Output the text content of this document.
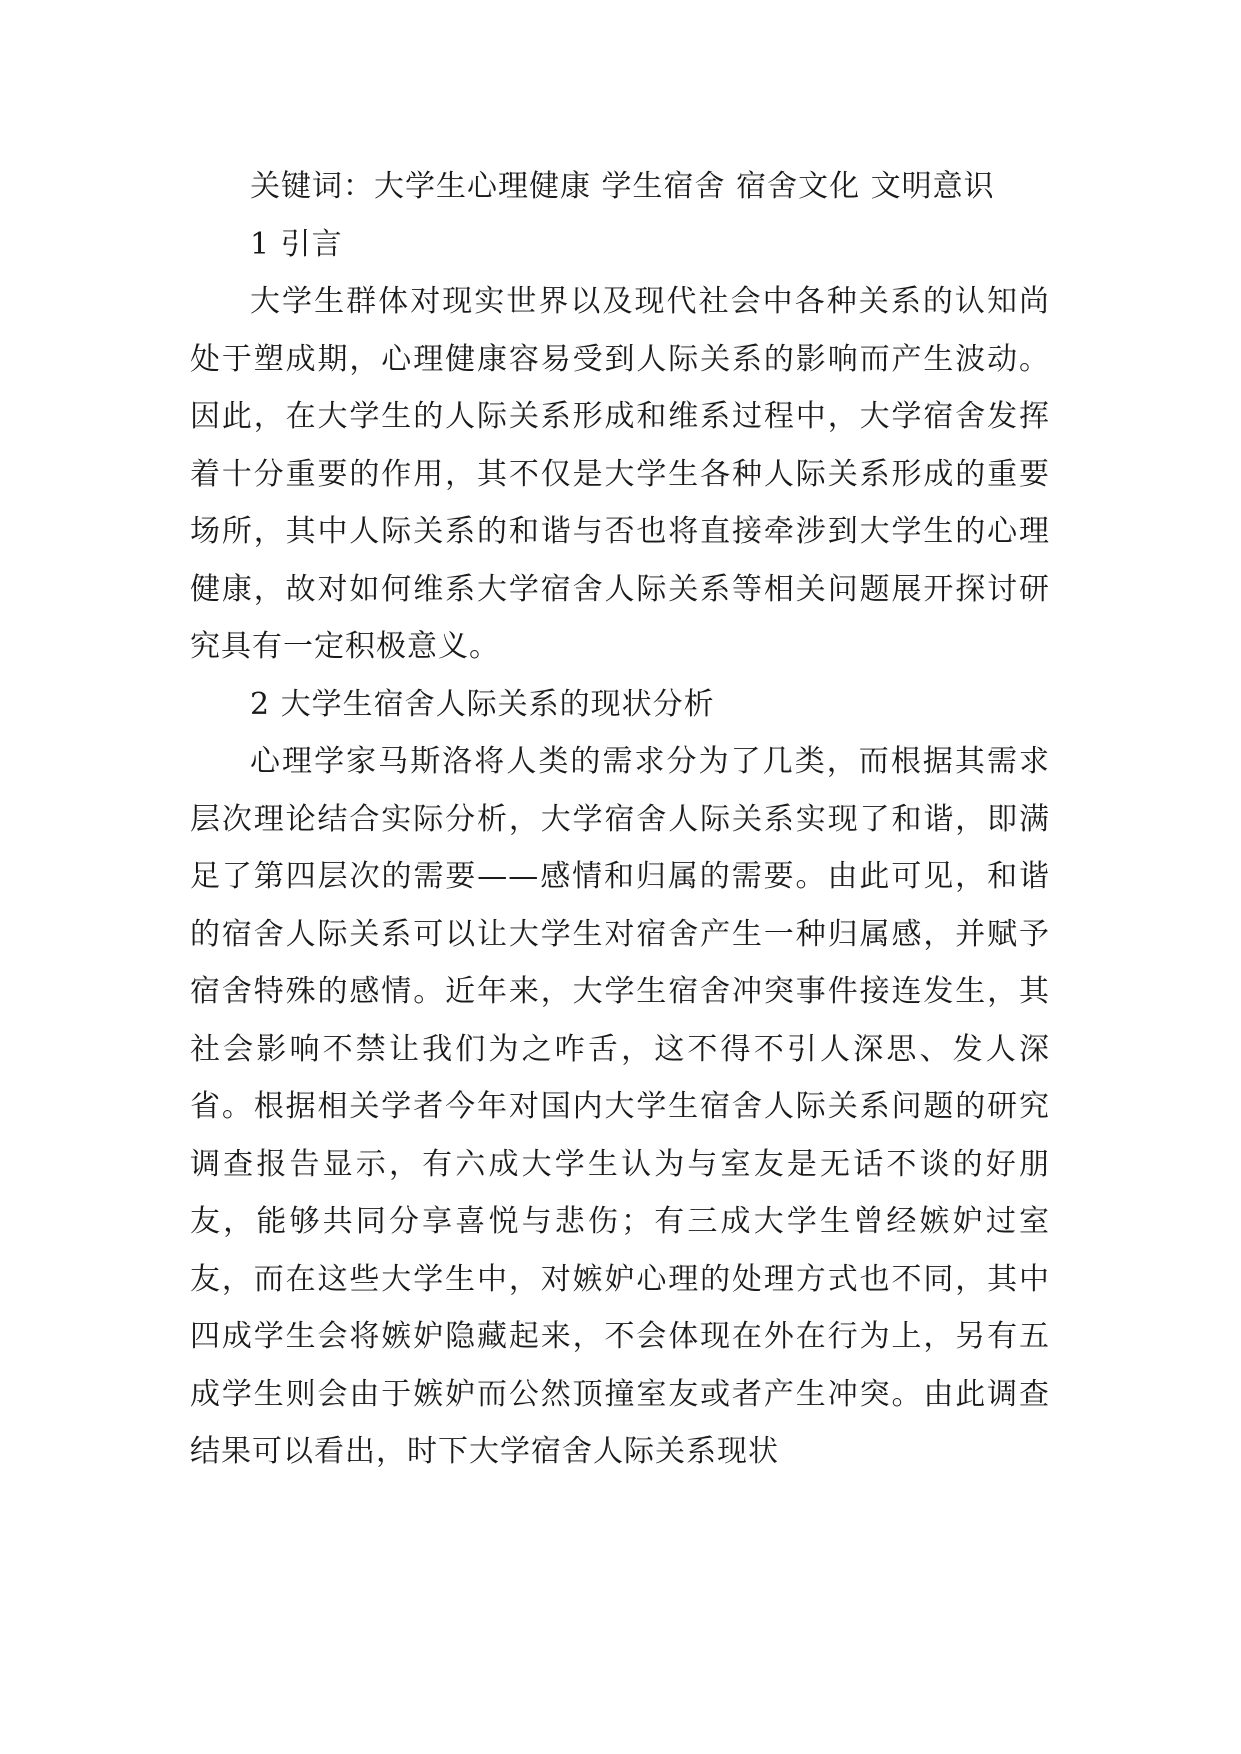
关键词：大学生心理健康 学生宿舍 宿舍文化 文明意识

1 引言

大学生群体对现实世界以及现代社会中各种关系的认知尚处于塑成期，心理健康容易受到人际关系的影响而产生波动。因此，在大学生的人际关系形成和维系过程中，大学宿舍发挥着十分重要的作用，其不仅是大学生各种人际关系形成的重要场所，其中人际关系的和谐与否也将直接牵涉到大学生的心理健康，故对如何维系大学宿舍人际关系等相关问题展开探讨研究具有一定积极意义。

2 大学生宿舍人际关系的现状分析

心理学家马斯洛将人类的需求分为了几类，而根据其需求层次理论结合实际分析，大学宿舍人际关系实现了和谐，即满足了第四层次的需要——感情和归属的需要。由此可见，和谐的宿舍人际关系可以让大学生对宿舍产生一种归属感，并赋予宿舍特殊的感情。近年来，大学生宿舍冲突事件接连发生，其社会影响不禁让我们为之咋舌，这不得不引人深思、发人深省。根据相关学者今年对国内大学生宿舍人际关系问题的研究调查报告显示，有六成大学生认为与室友是无话不谈的好朋友，能够共同分享喜悦与悲伤；有三成大学生曾经嫉妒过室友，而在这些大学生中，对嫉妒心理的处理方式也不同，其中四成学生会将嫉妒隐藏起来，不会体现在外在行为上，另有五成学生则会由于嫉妒而公然顶撞室友或者产生冲突。由此调查结果可以看出，时下大学宿舍人际关系现状
